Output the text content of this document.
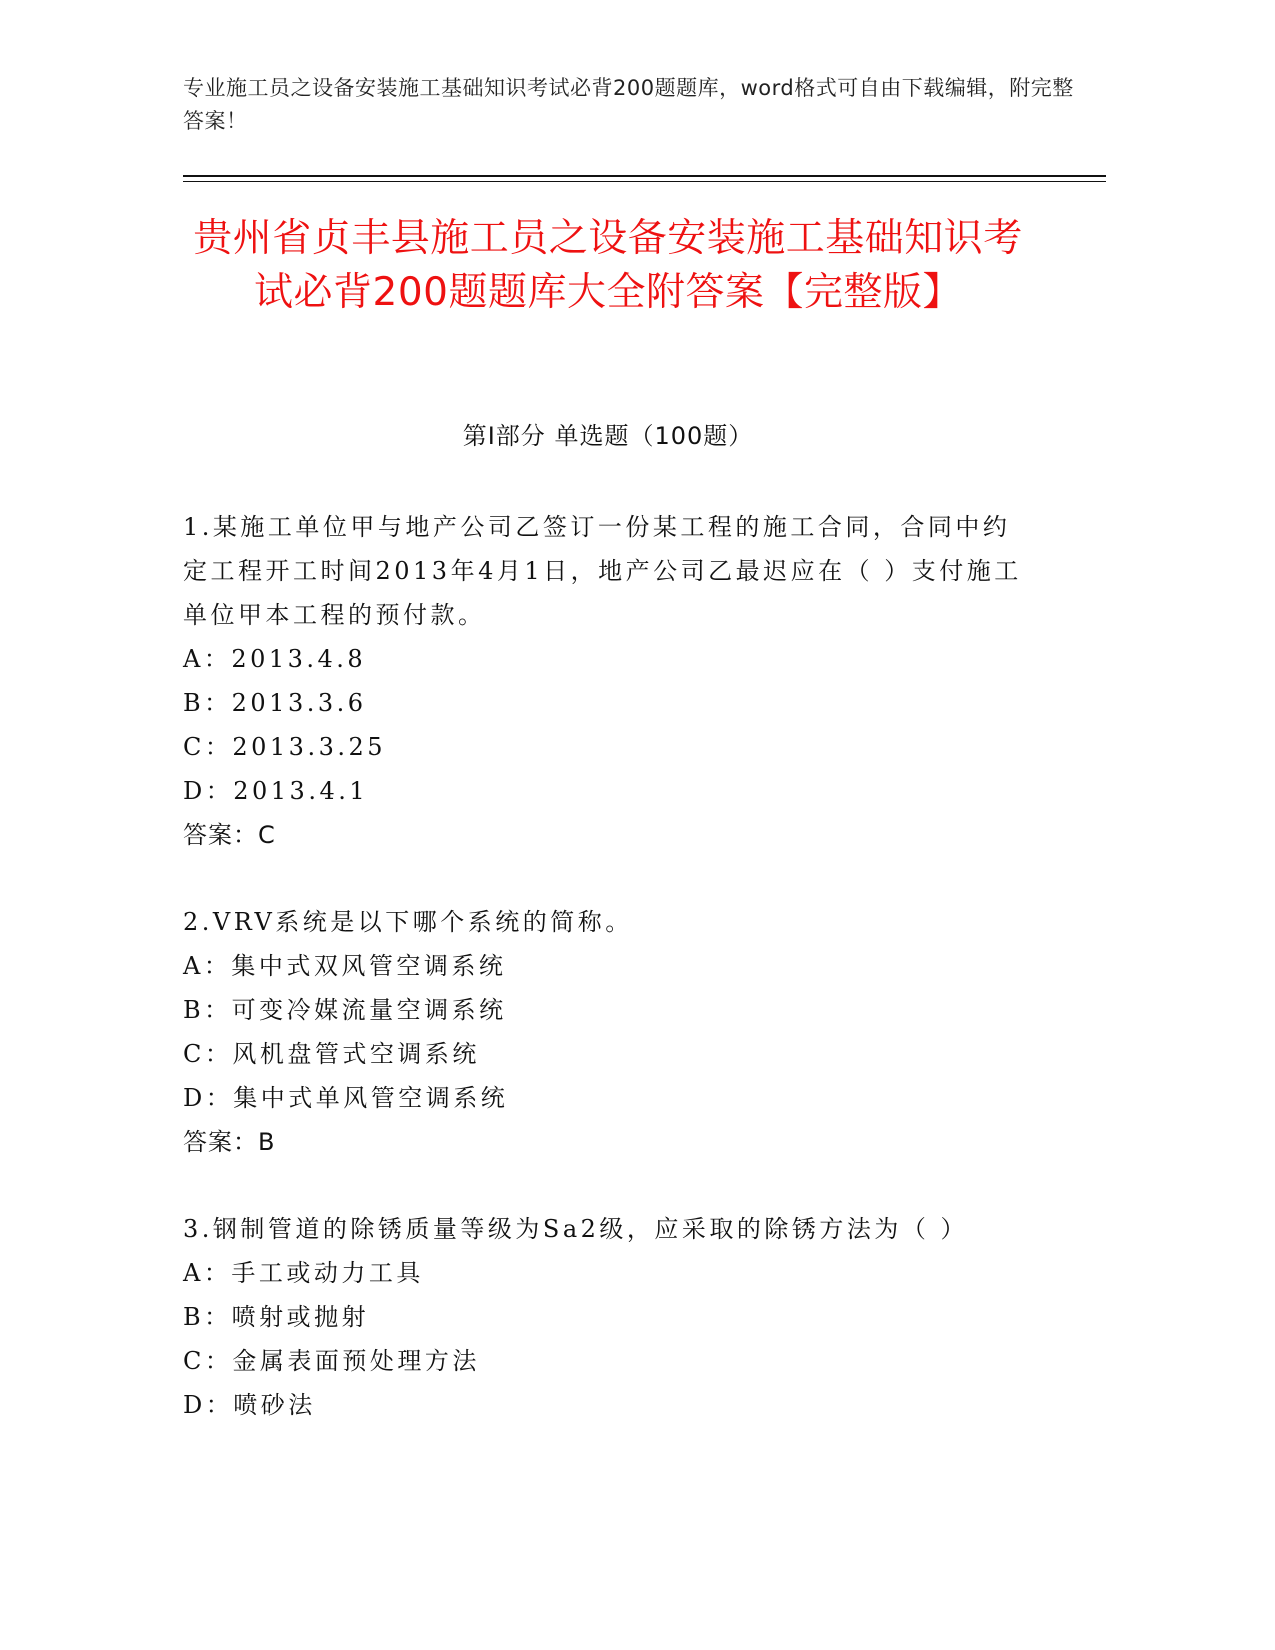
专业施工员之设备安装施工基础知识考试必背200题题库，word格式可自由下载编辑，附完整答案！
贵州省贞丰县施工员之设备安装施工基础知识考试必背200题题库大全附答案【完整版】
第I部分 单选题（100题）
1.某施工单位甲与地产公司乙签订一份某工程的施工合同，合同中约定工程开工时间2013年4月1日，地产公司乙最迟应在（ ）支付施工单位甲本工程的预付款。
A：2013.4.8
B：2013.3.6
C：2013.3.25
D：2013.4.1
答案：C
2.VRV系统是以下哪个系统的简称。
A：集中式双风管空调系统
B：可变冷媒流量空调系统
C：风机盘管式空调系统
D：集中式单风管空调系统
答案：B
3.钢制管道的除锈质量等级为Sa2级，应采取的除锈方法为（ ）
A：手工或动力工具
B：喷射或抛射
C：金属表面预处理方法
D：喷砂法
